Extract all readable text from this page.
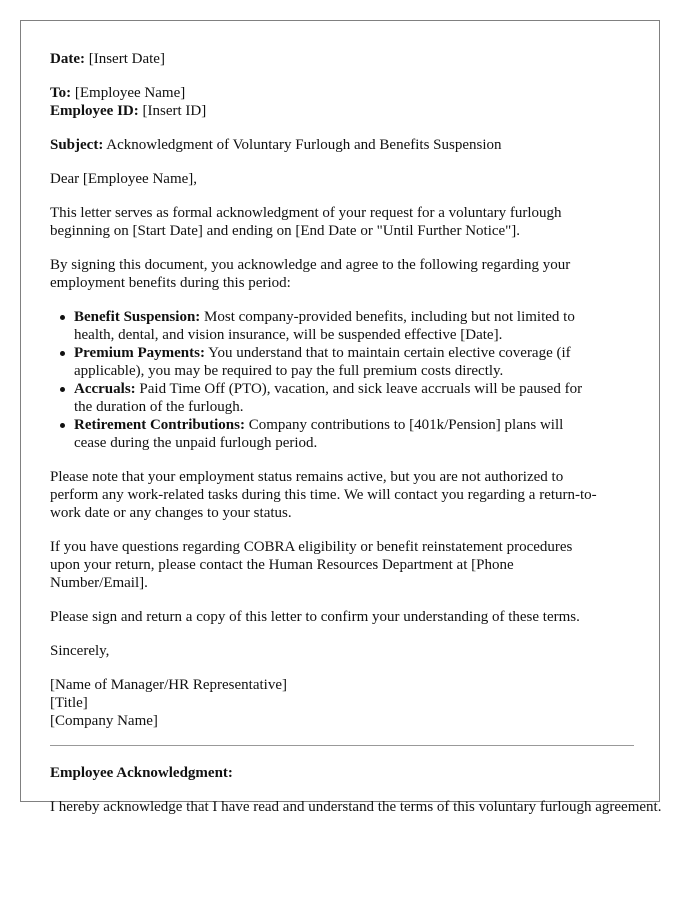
Date: [Insert Date]

To: [Employee Name]

Employee ID: [Insert ID]

Subject: Acknowledgment of Voluntary Furlough and Benefits Suspension

Dear [Employee Name],

This letter serves as formal acknowledgment of your request for a voluntary furlough

beginning on [Start Date] and ending on [End Date or "Until Further Notice"].

By signing this document, you acknowledge and agree to the following regarding your

employment benefits during this period:

Benefit Suspension: Most company-provided benefits, including but not limited to

health, dental, and vision insurance, will be suspended effective [Date].

Premium Payments: You understand that to maintain certain elective coverage (if

applicable), you may be required to pay the full premium costs directly.

Accruals: Paid Time Off (PTO), vacation, and sick leave accruals will be paused for

the duration of the furlough.

Retirement Contributions: Company contributions to [401k/Pension] plans will

cease during the unpaid furlough period.

Please note that your employment status remains active, but you are not authorized to

perform any work-related tasks during this time. We will contact you regarding a return-to-

work date or any changes to your status.

If you have questions regarding COBRA eligibility or benefit reinstatement procedures

upon your return, please contact the Human Resources Department at [Phone

Number/Email].

Please sign and return a copy of this letter to confirm your understanding of these terms.

Sincerely,

[Name of Manager/HR Representative]

[Title]

[Company Name]

Employee Acknowledgment:

I hereby acknowledge that I have read and understand the terms of this voluntary furlough agreement.
